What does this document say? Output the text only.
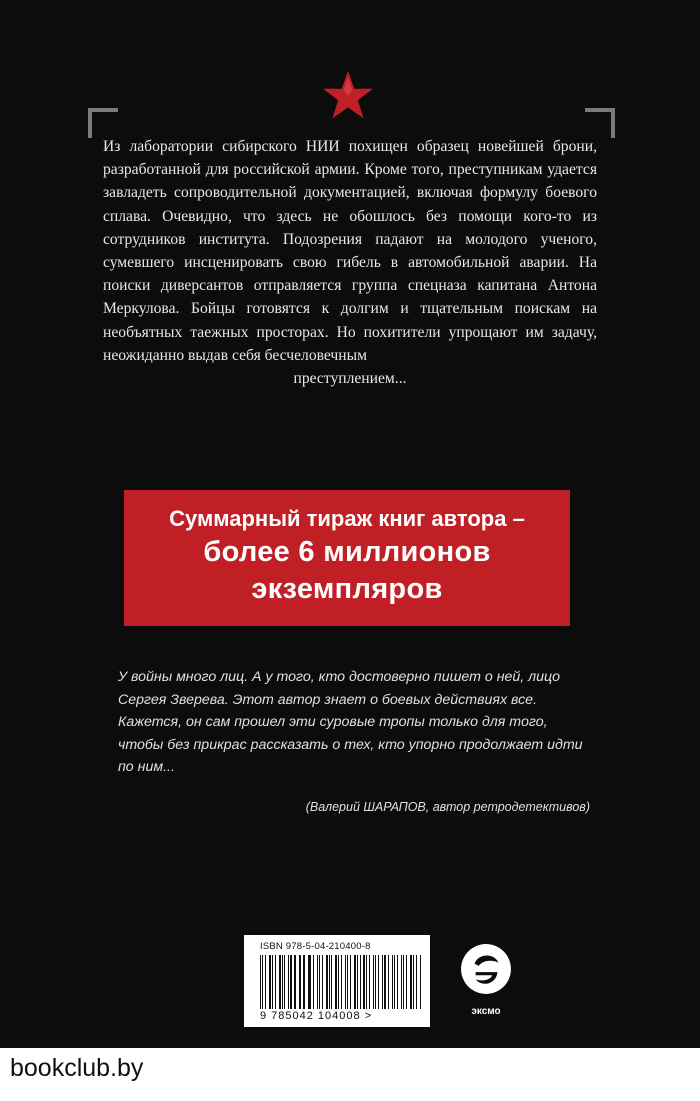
Из лаборатории сибирского НИИ похищен образец новейшей брони, разработанной для российской армии. Кроме того, преступникам удается завладеть сопроводительной документацией, включая формулу боевого сплава. Очевидно, что здесь не обошлось без помощи кого-то из сотрудников института. Подозрения падают на молодого ученого, сумевшего инсценировать свою гибель в автомобильной аварии. На поиски диверсантов отправляется группа спецназа капитана Антона Меркулова. Бойцы готовятся к долгим и тщательным поискам на необъятных таежных просторах. Но похитители упрощают им задачу, неожиданно выдав себя бесчеловечным

преступлением...

Суммарный тираж книг автора –
более 6 миллионов
экземпляров

У войны много лиц. А у того, кто достоверно пишет о ней, лицо Сергея Зверева. Этот автор знает о боевых действиях все. Кажется, он сам прошел эти суровые тропы только для того, чтобы без прикрас рассказать о тех, кто упорно продолжает идти по ним...

(Валерий ШАРАПОВ, автор ретродетективов)
ISBN 978-5-04-210400-8
9 785042 104008 >	эксмо
bookclub.by
